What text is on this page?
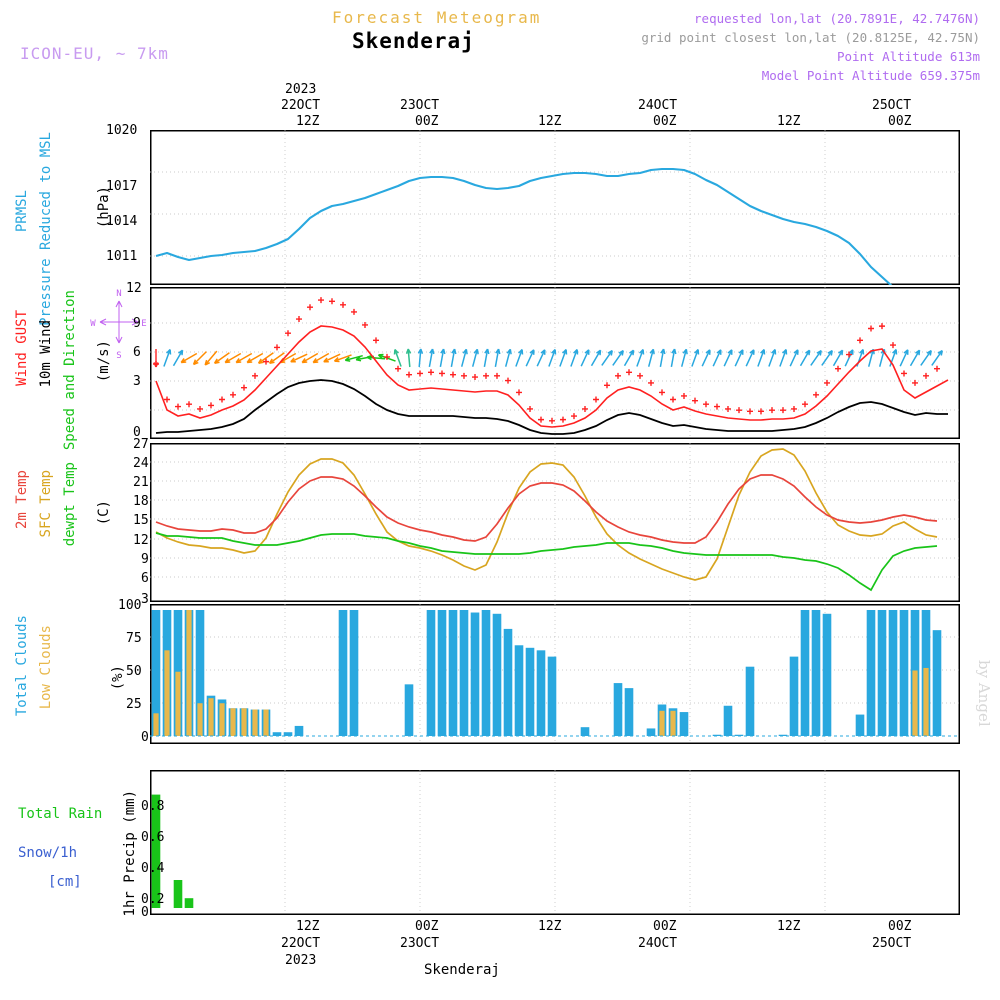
Forecast Meteogram
Skenderaj
ICON-EU, ~ 7km
requested lon,lat (20.7891E, 42.7476N)
grid point closest lon,lat (20.8125E, 42.75N)
Point Altitude 613m
Model Point Altitude 659.375m
by Angel
2023
22OCT
12Z
23OCT
00Z	12Z
24OCT
00Z	12Z
25OCT
00Z
PRMSL Pressure Reduced to MSL	(hPa)
1020
1017
1014
1011
Wind GUST 10m Wind Speed and Direction (m/s)
N
S
E
W
12
9
6
3
0
2m Temp SFC Temp dewpt Temp (C)
27
24
21
18
15
12
9
6
3
Total Clouds Low Clouds	(%)
100
75
50
25
0
Total Rain
Snow/1h
[cm]	1hr Precip (mm) 0.8
0.6
0.4
0.2
0
12Z
22OCT
2023
00Z
23OCT
12Z	00Z
24OCT
12Z	00Z
25OCT
Skenderaj
